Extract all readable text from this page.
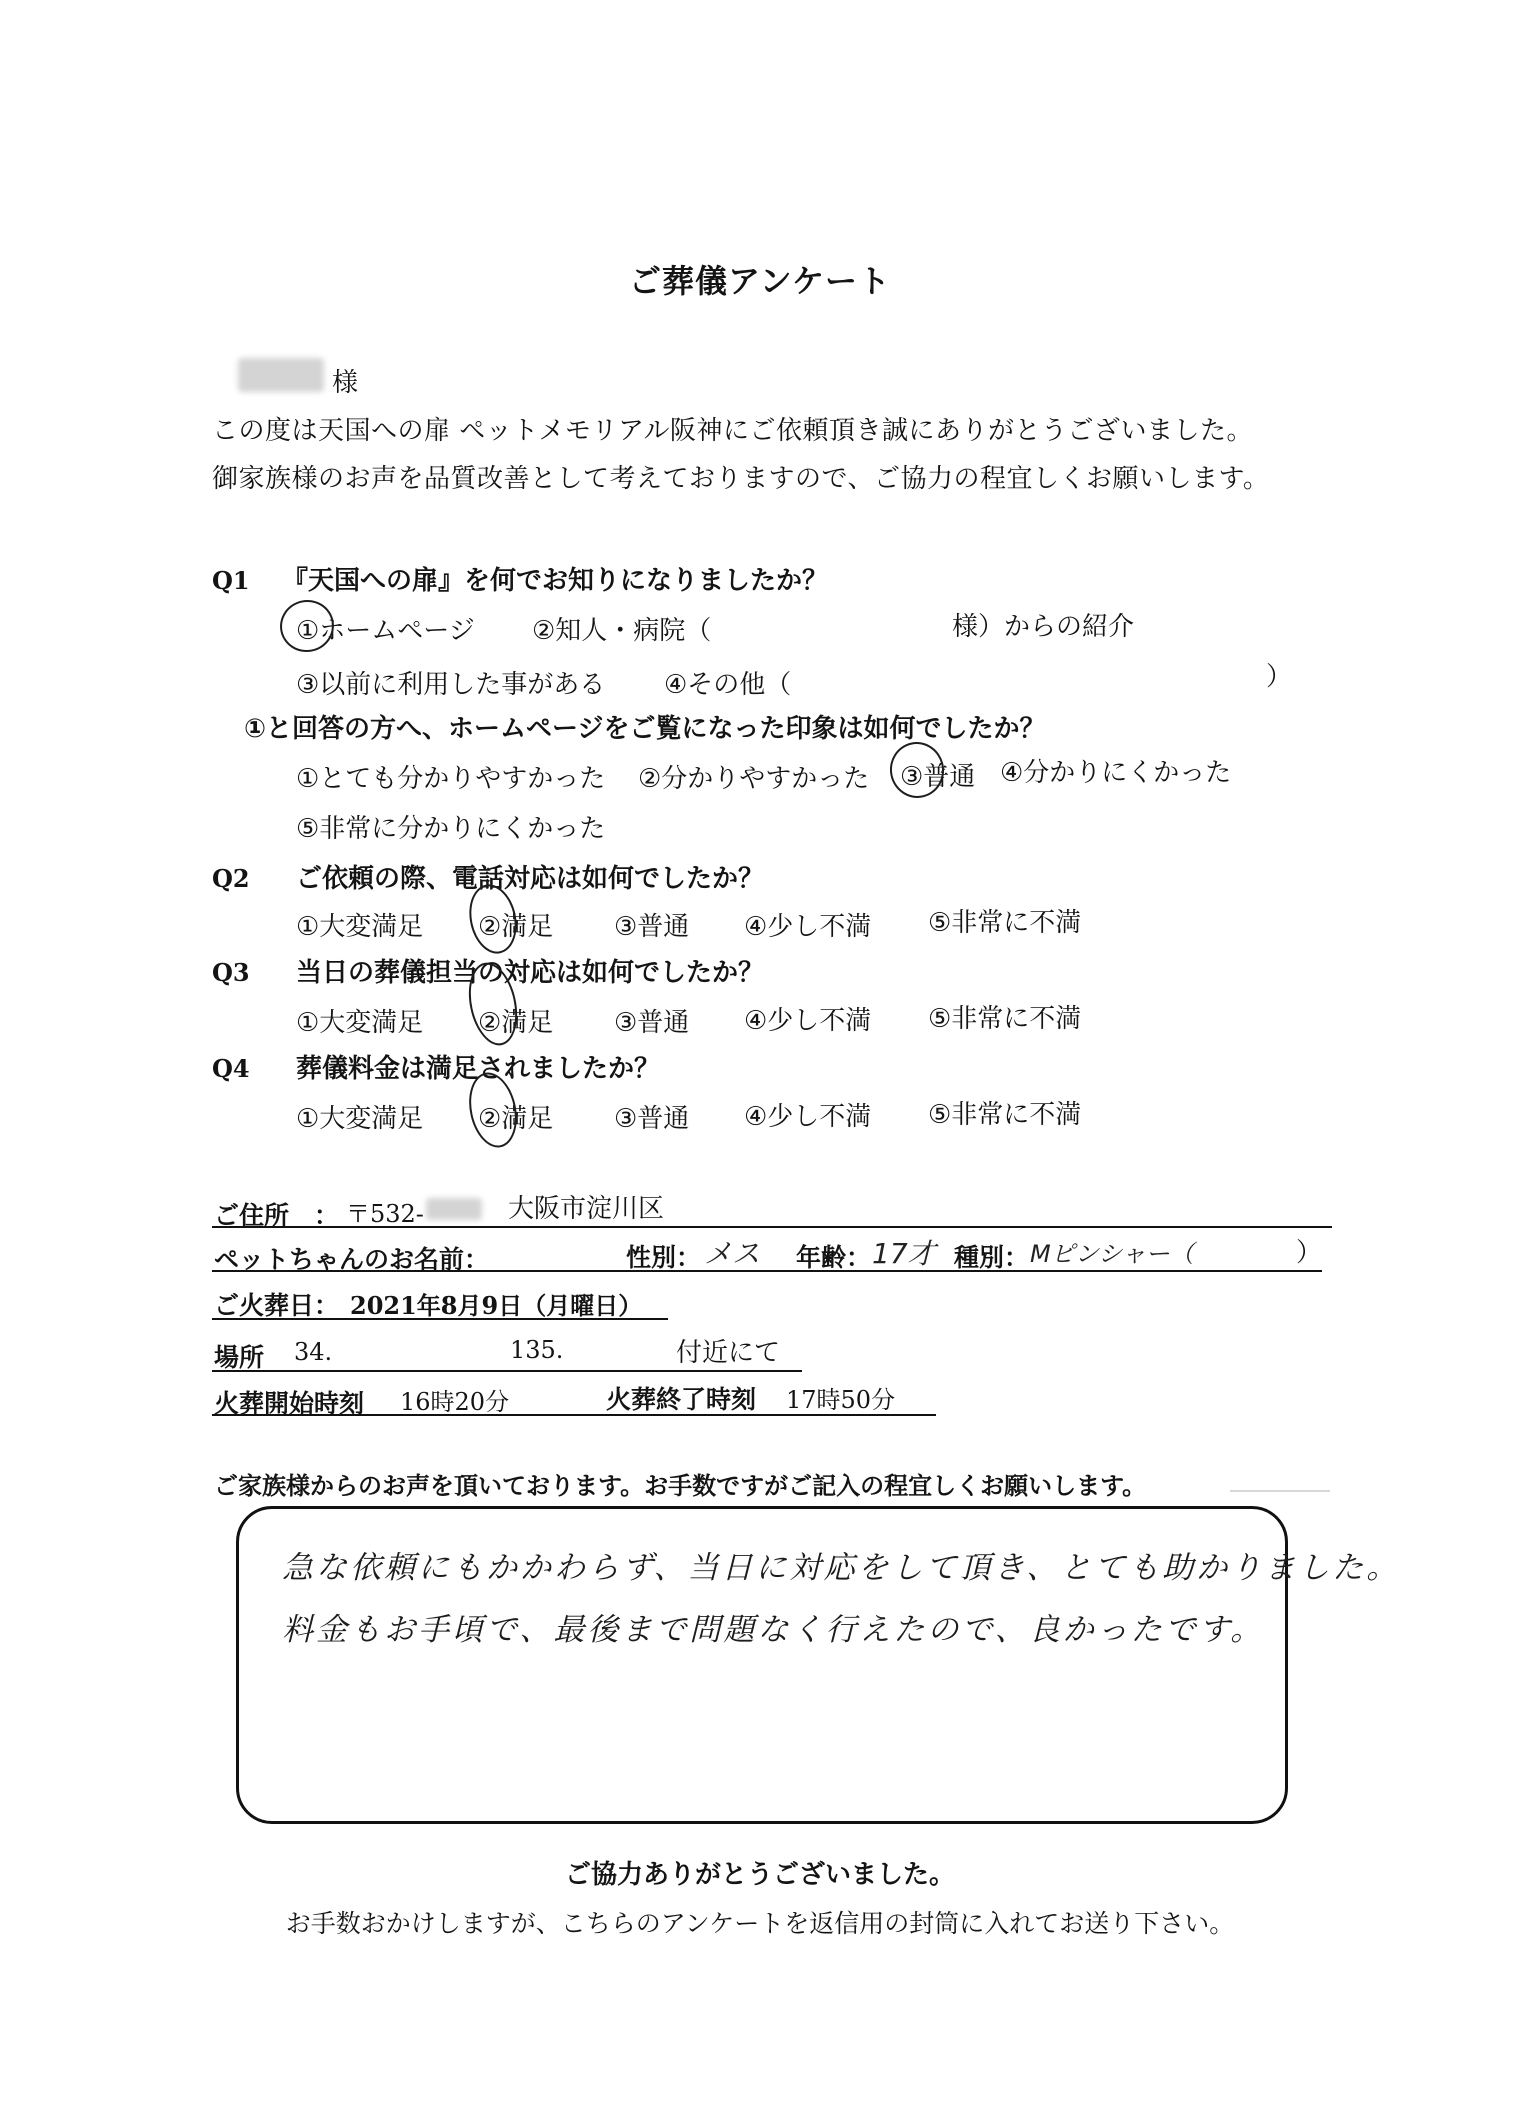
ご葬儀アンケート
様
この度は天国への扉 ペットメモリアル阪神にご依頼頂き誠にありがとうございました。
御家族様のお声を品質改善として考えておりますので、ご協力の程宜しくお願いします。
Q1 『天国への扉』を何でお知りになりましたか？
①ホームページ ②知人・病院（	様）からの紹介
③以前に利用した事がある ④その他（	）
①と回答の方へ、ホームページをご覧になった印象は如何でしたか？
①とても分かりやすかった ②分かりやすかった ③普通 ④分かりにくかった
⑤非常に分かりにくかった
Q2 ご依頼の際、電話対応は如何でしたか？
①大変満足 ②満足 ③普通 ④少し不満 ⑤非常に不満
Q3 当日の葬儀担当の対応は如何でしたか？
①大変満足 ②満足 ③普通 ④少し不満 ⑤非常に不満
Q4 葬儀料金は満足されましたか？
①大変満足 ②満足 ③普通 ④少し不満 ⑤非常に不満
ご住所　： 〒532-	大阪市淀川区
ペットちゃんのお名前：	性別： メス 年齢： 17才 種別： Mピンシャー（	）
ご火葬日： 2021年8月9日（月曜日）
場所 34.	135.	付近にて
火葬開始時刻 16時20分	火葬終了時刻 17時50分
ご家族様からのお声を頂いております。お手数ですがご記入の程宜しくお願いします。
急な依頼にもかかわらず、当日に対応をして頂き、とても助かりました。
料金もお手頃で、最後まで問題なく行えたので、良かったです。
ご協力ありがとうございました。
お手数おかけしますが、こちらのアンケートを返信用の封筒に入れてお送り下さい。
